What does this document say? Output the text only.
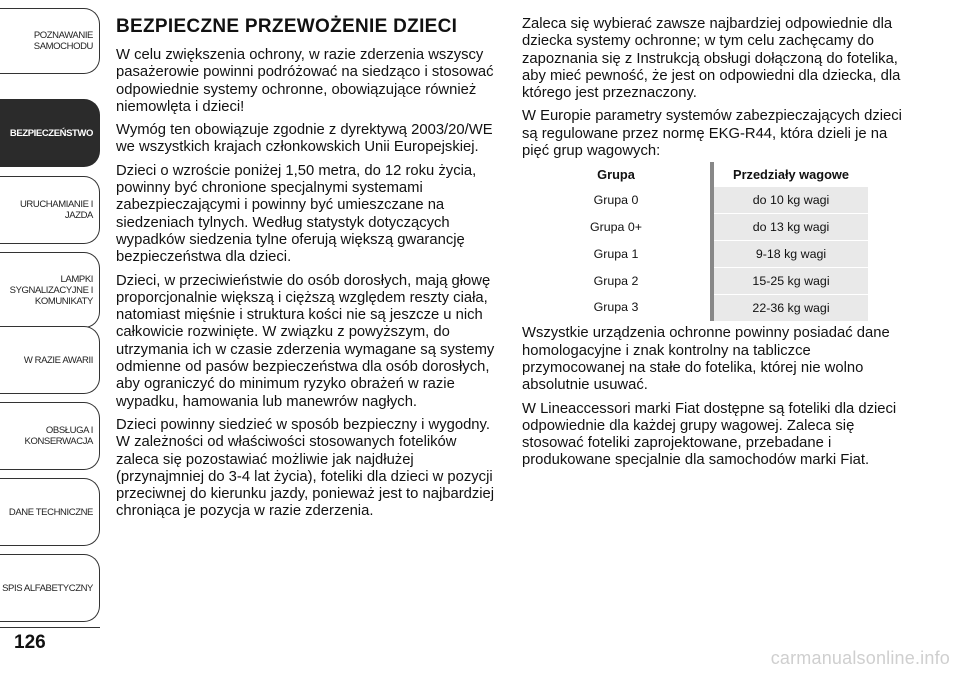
POZNAWANIE
SAMOCHODU
BEZPIECZEŃSTWO
URUCHAMIANIE I
JAZDA
LAMPKI
SYGNALIZACYJNE I
KOMUNIKATY
W RAZIE AWARII
OBSŁUGA I
KONSERWACJA
DANE TECHNICZNE
SPIS ALFABETYCZNY
126
BEZPIECZNE PRZEWOŻENIE DZIECI

W celu zwiększenia ochrony, w razie zderzenia wszyscy pasażerowie powinni podróżować na siedząco i stosować odpowiednie systemy ochronne, obowiązujące również niemowlęta i dzieci!

Wymóg ten obowiązuje zgodnie z dyrektywą 2003/20/WE we wszystkich krajach członkowskich Unii Europejskiej.

Dzieci o wzroście poniżej 1,50 metra, do 12 roku życia, powinny być chronione specjalnymi systemami zabezpieczającymi i powinny być umieszczane na siedzeniach tylnych. Według statystyk dotyczących wypadków siedzenia tylne oferują większą gwarancję bezpieczeństwa dla dzieci.

Dzieci, w przeciwieństwie do osób dorosłych, mają głowę proporcjonalnie większą i cięższą względem reszty ciała, natomiast mięśnie i struktura kości nie są jeszcze u nich całkowicie rozwinięte. W związku z powyższym, do utrzymania ich w czasie zderzenia wymagane są systemy odmienne od pasów bezpieczeństwa dla osób dorosłych, aby ograniczyć do minimum ryzyko obrażeń w razie wypadku, hamowania lub manewrów nagłych.

Dzieci powinny siedzieć w sposób bezpieczny i wygodny. W zależności od właściwości stosowanych fotelików zaleca się pozostawiać możliwie jak najdłużej (przynajmniej do 3-4 lat życia), foteliki dla dzieci w pozycji przeciwnej do kierunku jazdy, ponieważ jest to najbardziej chroniąca je pozycja w razie zderzenia.

Zaleca się wybierać zawsze najbardziej odpowiednie dla dziecka systemy ochronne; w tym celu zachęcamy do zapoznania się z Instrukcją obsługi dołączoną do fotelika, aby mieć pewność, że jest on odpowiedni dla dziecka, dla którego jest przeznaczony.

W Europie parametry systemów zabezpieczających dzieci są regulowane przez normę EKG-R44, która dzieli je na pięć grup wagowych:

Grupa	Przedziały wagowe
Grupa 0	do 10 kg wagi
Grupa 0+	do 13 kg wagi
Grupa 1	9-18 kg wagi
Grupa 2	15-25 kg wagi
Grupa 3	22-36 kg wagi

Wszystkie urządzenia ochronne powinny posiadać dane homologacyjne i znak kontrolny na tabliczce przymocowanej na stałe do fotelika, której nie wolno absolutnie usuwać.

W Lineaccessori marki Fiat dostępne są foteliki dla dzieci odpowiednie dla każdej grupy wagowej. Zaleca się stosować foteliki zaprojektowane, przebadane i produkowane specjalnie dla samochodów marki Fiat.

carmanualsonline.info
